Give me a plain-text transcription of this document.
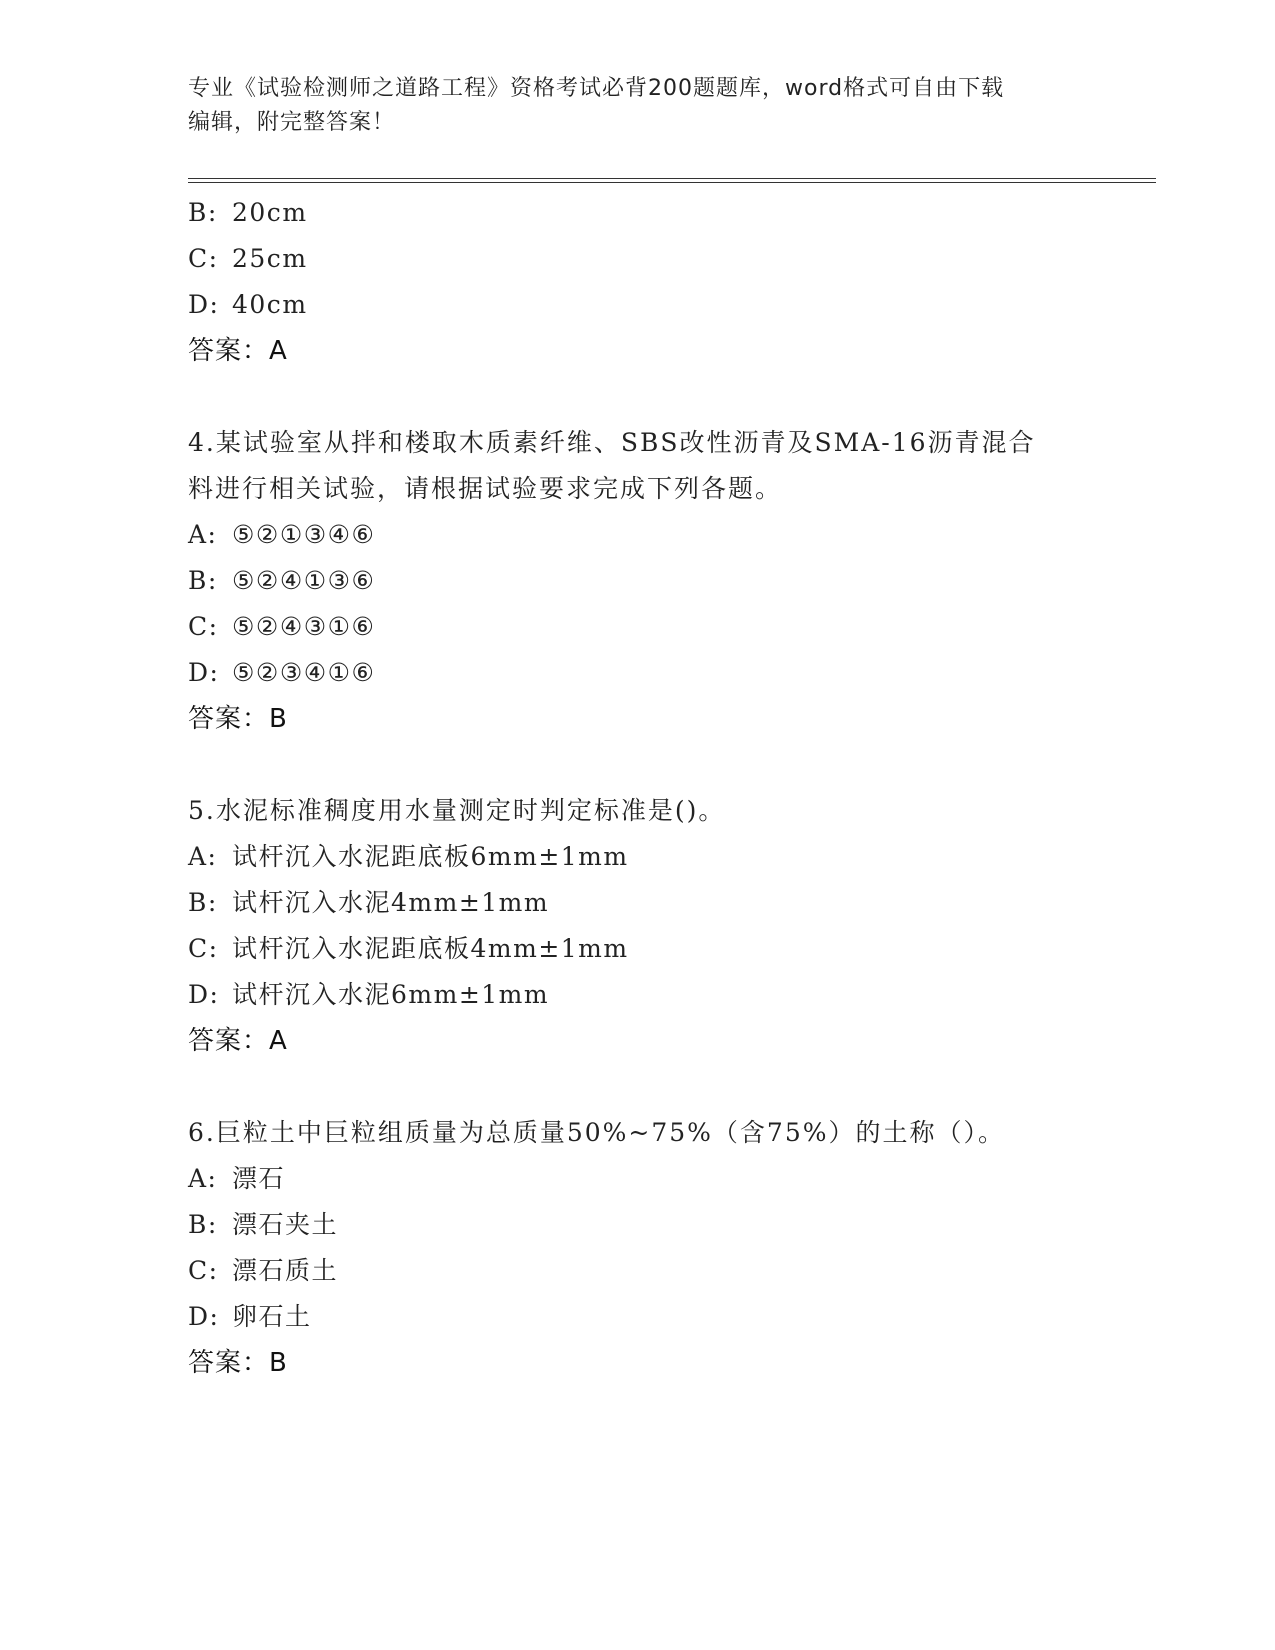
专业《试验检测师之道路工程》资格考试必背200题题库，word格式可自由下载
编辑，附完整答案！
B: 20cm
C: 25cm
D: 40cm
答案：A
4.某试验室从拌和楼取木质素纤维、SBS改性沥青及SMA-16沥青混合
料进行相关试验，请根据试验要求完成下列各题。
A: ⑤②①③④⑥
B: ⑤②④①③⑥
C: ⑤②④③①⑥
D: ⑤②③④①⑥
答案：B
5.水泥标准稠度用水量测定时判定标准是()。
A: 试杆沉入水泥距底板6mm±1mm
B: 试杆沉入水泥4mm±1mm
C: 试杆沉入水泥距底板4mm±1mm
D: 试杆沉入水泥6mm±1mm
答案：A
6.巨粒土中巨粒组质量为总质量50%~75%（含75%）的土称（）。
A: 漂石
B: 漂石夹土
C: 漂石质土
D: 卵石土
答案：B
